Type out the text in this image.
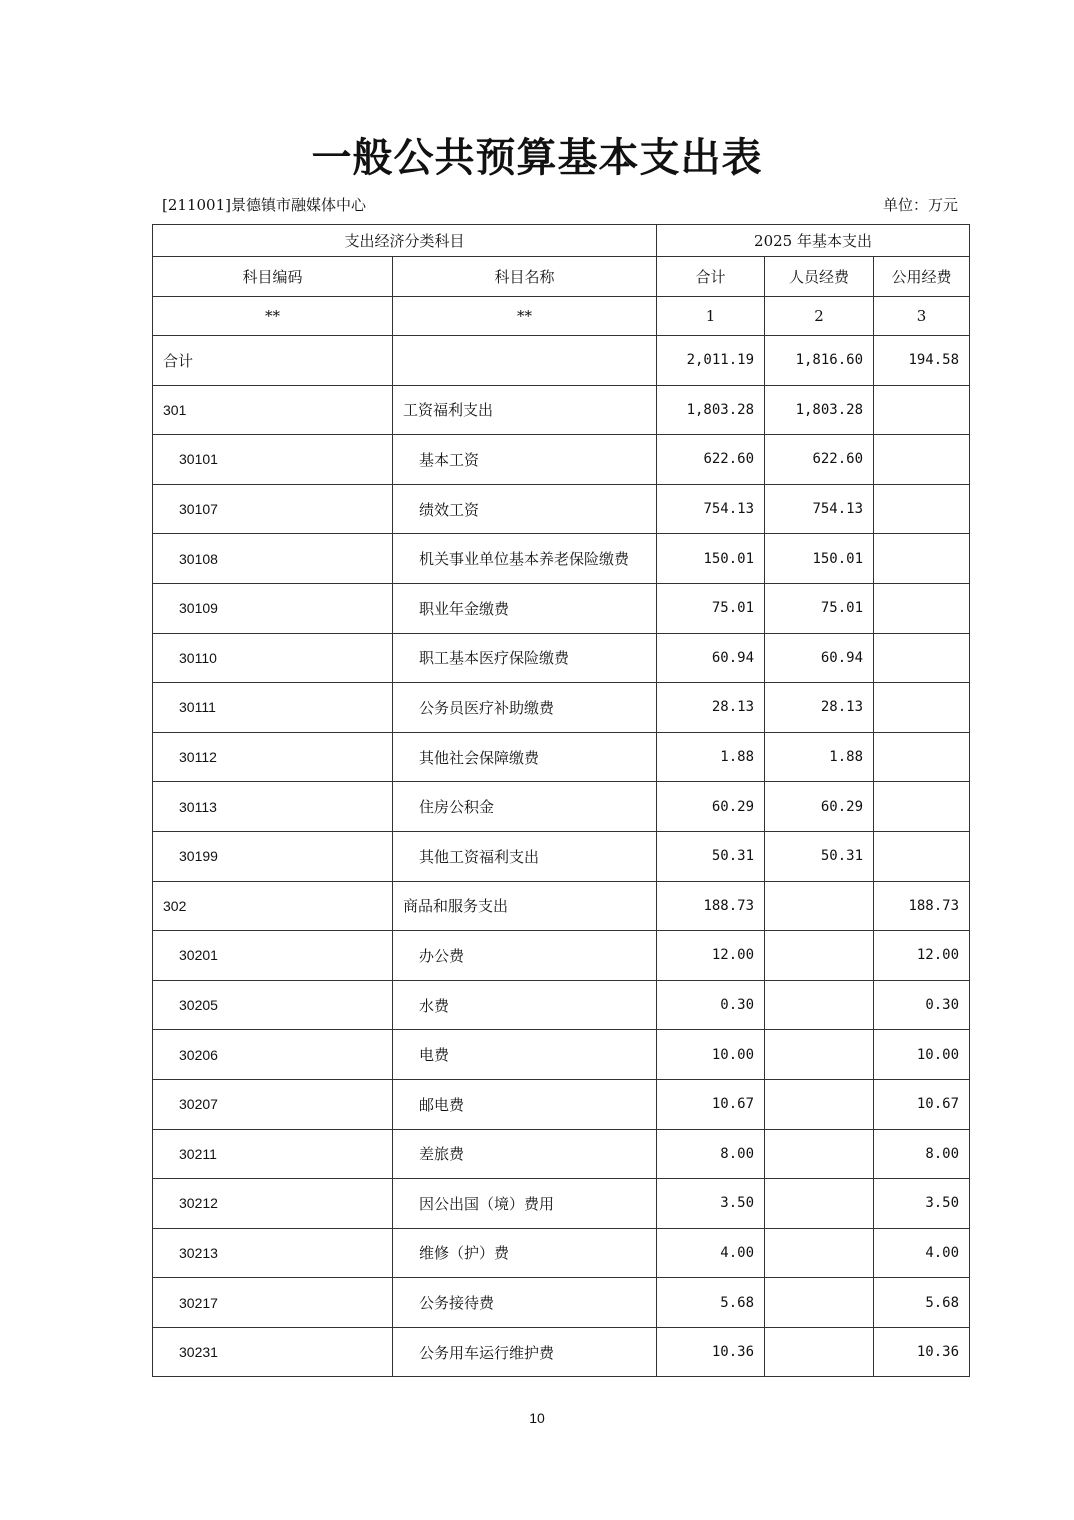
一般公共预算基本支出表
[211001]景德镇市融媒体中心	单位：万元
支出经济分类科目		2025 年基本支出		
科目编码	科目名称	合计	人员经费	公用经费
**	**	1	2	3
合计		2,011.19	1,816.60	194.58
301	工资福利支出	1,803.28	1,803.28	
30101	基本工资	622.60	622.60	
30107	绩效工资	754.13	754.13	
30108	机关事业单位基本养老保险缴费	150.01	150.01	
30109	职业年金缴费	75.01	75.01	
30110	职工基本医疗保险缴费	60.94	60.94	
30111	公务员医疗补助缴费	28.13	28.13	
30112	其他社会保障缴费	1.88	1.88	
30113	住房公积金	60.29	60.29	
30199	其他工资福利支出	50.31	50.31	
302	商品和服务支出	188.73		188.73
30201	办公费	12.00		12.00
30205	水费	0.30		0.30
30206	电费	10.00		10.00
30207	邮电费	10.67		10.67
30211	差旅费	8.00		8.00
30212	因公出国（境）费用	3.50		3.50
30213	维修（护）费	4.00		4.00
30217	公务接待费	5.68		5.68
30231	公务用车运行维护费	10.36		10.36
10
